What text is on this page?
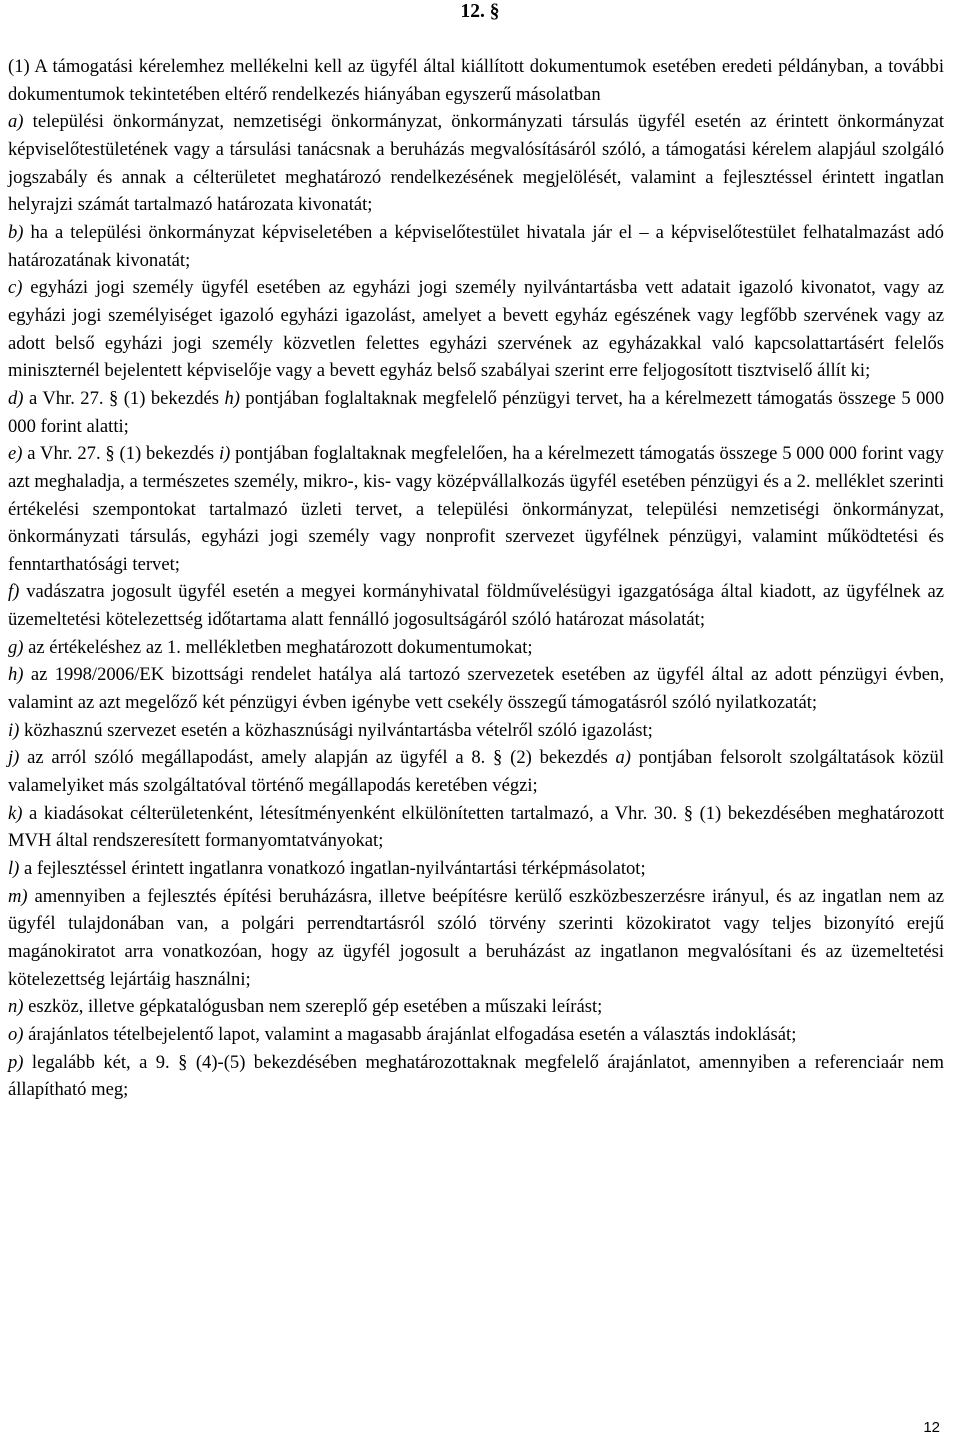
12. §

(1) A támogatási kérelemhez mellékelni kell az ügyfél által kiállított dokumentumok esetében eredeti példányban, a további dokumentumok tekintetében eltérő rendelkezés hiányában egyszerű másolatban

a) települési önkormányzat, nemzetiségi önkormányzat, önkormányzati társulás ügyfél esetén az érintett önkormányzat képviselőtestületének vagy a társulási tanácsnak a beruházás megvalósításáról szóló, a támogatási kérelem alapjául szolgáló jogszabály és annak a célterületet meghatározó rendelkezésének megjelölését, valamint a fejlesztéssel érintett ingatlan helyrajzi számát tartalmazó határozata kivonatát;

b) ha a települési önkormányzat képviseletében a képviselőtestület hivatala jár el – a képviselőtestület felhatalmazást adó határozatának kivonatát;

c) egyházi jogi személy ügyfél esetében az egyházi jogi személy nyilvántartásba vett adatait igazoló kivonatot, vagy az egyházi jogi személyiséget igazoló egyházi igazolást, amelyet a bevett egyház egészének vagy legfőbb szervének vagy az adott belső egyházi jogi személy közvetlen felettes egyházi szervének az egyházakkal való kapcsolattartásért felelős miniszternél bejelentett képviselője vagy a bevett egyház belső szabályai szerint erre feljogosított tisztviselő állít ki;

d) a Vhr. 27. § (1) bekezdés h) pontjában foglaltaknak megfelelő pénzügyi tervet, ha a kérelmezett támogatás összege 5 000 000 forint alatti;

e) a Vhr. 27. § (1) bekezdés i) pontjában foglaltaknak megfelelően, ha a kérelmezett támogatás összege 5 000 000 forint vagy azt meghaladja, a természetes személy, mikro-, kis- vagy középvállalkozás ügyfél esetében pénzügyi és a 2. melléklet szerinti értékelési szempontokat tartalmazó üzleti tervet, a települési önkormányzat, települési nemzetiségi önkormányzat, önkormányzati társulás, egyházi jogi személy vagy nonprofit szervezet ügyfélnek pénzügyi, valamint működtetési és fenntarthatósági tervet;

f) vadászatra jogosult ügyfél esetén a megyei kormányhivatal földművelésügyi igazgatósága által kiadott, az ügyfélnek az üzemeltetési kötelezettség időtartama alatt fennálló jogosultságáról szóló határozat másolatát;

g) az értékeléshez az 1. mellékletben meghatározott dokumentumokat;

h) az 1998/2006/EK bizottsági rendelet hatálya alá tartozó szervezetek esetében az ügyfél által az adott pénzügyi évben, valamint az azt megelőző két pénzügyi évben igénybe vett csekély összegű támogatásról szóló nyilatkozatát;

i) közhasznú szervezet esetén a közhasznúsági nyilvántartásba vételről szóló igazolást;

j) az arról szóló megállapodást, amely alapján az ügyfél a 8. § (2) bekezdés a) pontjában felsorolt szolgáltatások közül valamelyiket más szolgáltatóval történő megállapodás keretében végzi;

k) a kiadásokat célterületenként, létesítményenként elkülönítetten tartalmazó, a Vhr. 30. § (1) bekezdésében meghatározott MVH által rendszeresített formanyomtatványokat;

l) a fejlesztéssel érintett ingatlanra vonatkozó ingatlan-nyilvántartási térképmásolatot;

m) amennyiben a fejlesztés építési beruházásra, illetve beépítésre kerülő eszközbeszerzésre irányul, és az ingatlan nem az ügyfél tulajdonában van, a polgári perrendtartásról szóló törvény szerinti közokiratot vagy teljes bizonyító erejű magánokiratot arra vonatkozóan, hogy az ügyfél jogosult a beruházást az ingatlanon megvalósítani és az üzemeltetési kötelezettség lejártáig használni;

n) eszköz, illetve gépkatalógusban nem szereplő gép esetében a műszaki leírást;

o) árajánlatos tételbejelentő lapot, valamint a magasabb árajánlat elfogadása esetén a választás indoklását;

p) legalább két, a 9. § (4)-(5) bekezdésében meghatározottaknak megfelelő árajánlatot, amennyiben a referenciaár nem állapítható meg;

12
